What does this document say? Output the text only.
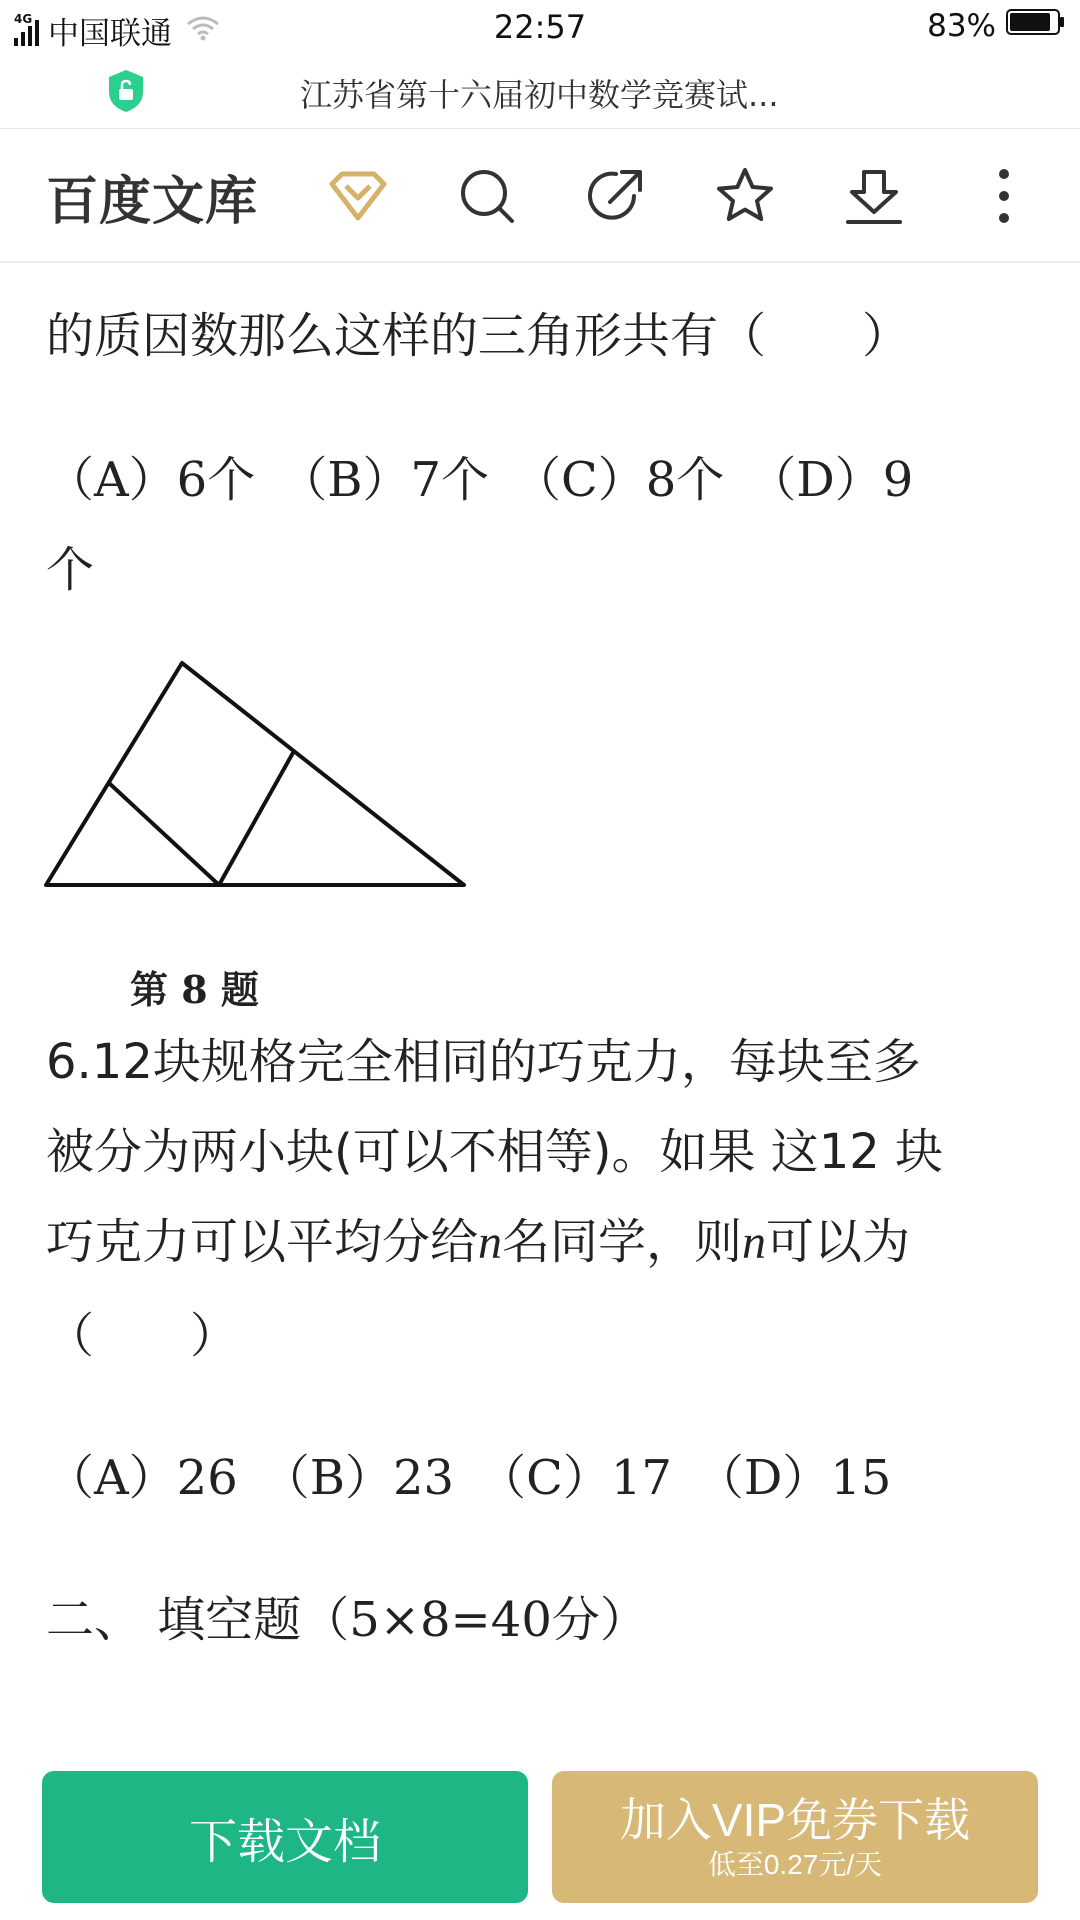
4G 中国联通	22:57	83%
江苏省第十六届初中数学竞赛试...
百度文库
的质因数那么这样的三角形共有（　　）
（A）6个　（B）7个　（C）8个　（D）9
个
第 8 题
6.12块规格完全相同的巧克力，每块至多
被分为两小块(可以不相等)。如果 这12 块
巧克力可以平均分给n名同学，则n可以为
（　　）
（A）26　（B）23　（C）17　（D）15
二、 填空题（5×8=40分）
下载文档	加入VIP免券下载
低至0.27元/天
